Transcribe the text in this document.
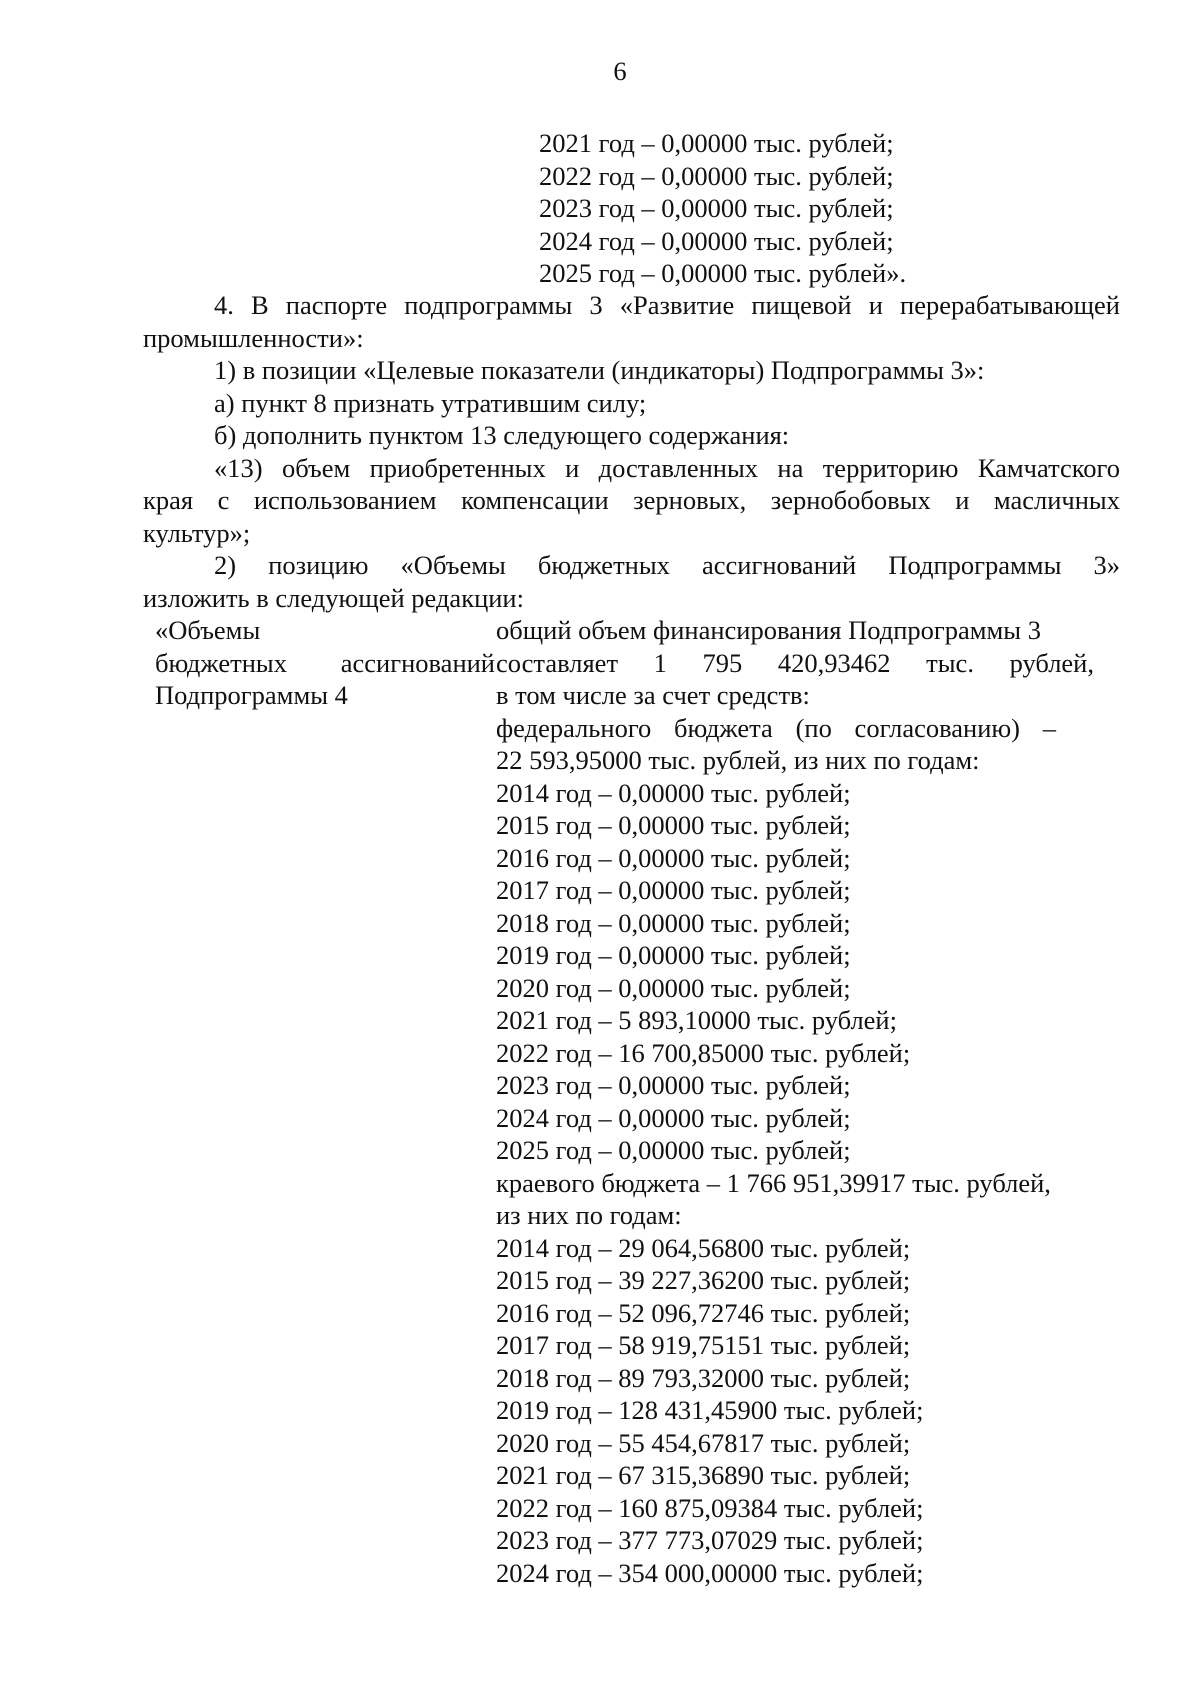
6
2021 год – 0,00000 тыс. рублей;
2022 год – 0,00000 тыс. рублей;
2023 год – 0,00000 тыс. рублей;
2024 год – 0,00000 тыс. рублей;
2025 год – 0,00000 тыс. рублей».
4. В паспорте подпрограммы 3 «Развитие пищевой и перерабатывающей
промышленности»:
1) в позиции «Целевые показатели (индикаторы) Подпрограммы 3»:
а) пункт 8 признать утратившим силу;
б) дополнить пунктом 13 следующего содержания:
«13) объем приобретенных и доставленных на территорию Камчатского
края с использованием компенсации зерновых, зернобобовых и масличных
культур»;
2) позицию «Объемы бюджетных ассигнований Подпрограммы 3»
изложить в следующей редакции:
«Объемы
бюджетных ассигнований
Подпрограммы 4
общий объем финансирования Подпрограммы 3
составляет 1 795 420,93462 тыс. рублей,
в том числе за счет средств:
федерального бюджета (по согласованию) –
22 593,95000 тыс. рублей, из них по годам:
2014 год – 0,00000 тыс. рублей;
2015 год – 0,00000 тыс. рублей;
2016 год – 0,00000 тыс. рублей;
2017 год – 0,00000 тыс. рублей;
2018 год – 0,00000 тыс. рублей;
2019 год – 0,00000 тыс. рублей;
2020 год – 0,00000 тыс. рублей;
2021 год – 5 893,10000 тыс. рублей;
2022 год – 16 700,85000 тыс. рублей;
2023 год – 0,00000 тыс. рублей;
2024 год – 0,00000 тыс. рублей;
2025 год – 0,00000 тыс. рублей;
краевого бюджета – 1 766 951,39917 тыс. рублей,
из них по годам:
2014 год – 29 064,56800 тыс. рублей;
2015 год – 39 227,36200 тыс. рублей;
2016 год – 52 096,72746 тыс. рублей;
2017 год – 58 919,75151 тыс. рублей;
2018 год – 89 793,32000 тыс. рублей;
2019 год – 128 431,45900 тыс. рублей;
2020 год – 55 454,67817 тыс. рублей;
2021 год – 67 315,36890 тыс. рублей;
2022 год – 160 875,09384 тыс. рублей;
2023 год – 377 773,07029 тыс. рублей;
2024 год – 354 000,00000 тыс. рублей;
